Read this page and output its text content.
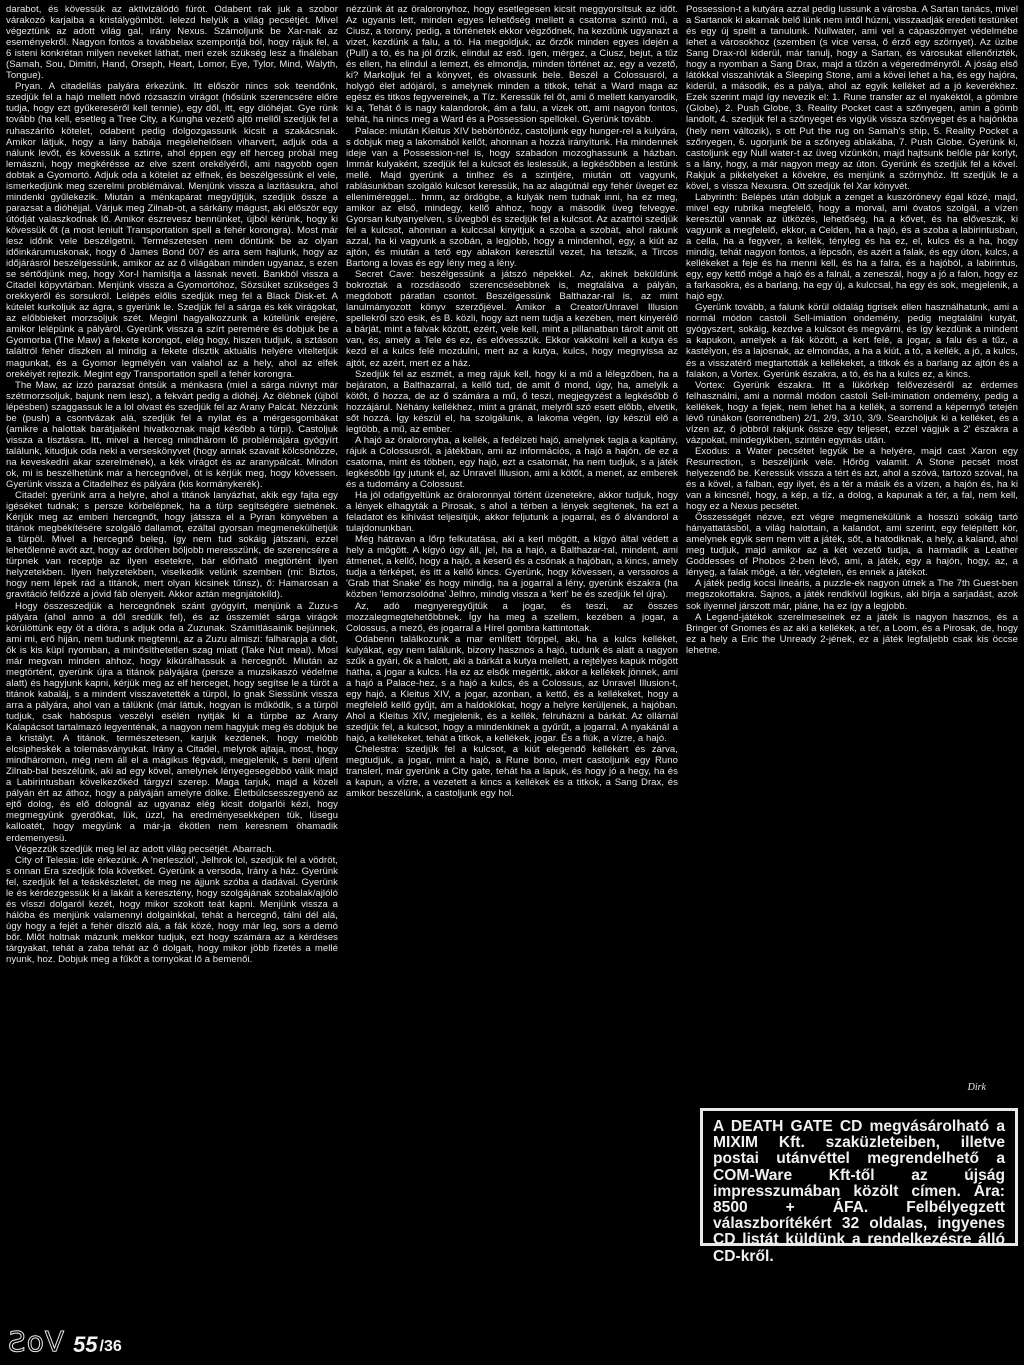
darabot, és kövessük az aktivizálódó fúrót. Odabent rak juk a szobor várakozó karjaiba a kristálygömböt. Ielezd helyük a világ pecsétjét. Mivel végeztünk az adott világ gal, irány Nexus. Számoljunk be Xar-nak az eseményekről. Nagyon fontos a továbbelax szempontjá ból, hogy rájuk fel, a 6 isteni konkrétan milyen neveket láthat, meri ezek szükség lesz a fináléban (Samah, Sou, Dimitri, Hand, Orseph, Heart, Lomor, Eye, Tylor, Mind, Walyth, Tongue).

Pryan. A citadellás palyára érkezünk. Itt először nincs sok teendőnk, szedjük fel a hajó mellett nővő rózsaszín virágot (hősünk szerencsére előre tudja, hogy ezt gyűkereséről kell tennie), egy dől, itt, egy dióhéjat. Gye rünk tovább (ha kell, esetleg a Tree City, a Kungha vezető ajtó mellől szedjük fel a ruhaszárító kötelet, odabent pedig dolgozgassunk kicsit a szakácsnak. Amikor látjuk, hogy a lány babája megélehelősen viharvert, adjuk oda a nálunk levőt, és kövessük a sztirre, ahol éppen egy elf herceg próbál meg lemászni, hogy megkérésse az elve szent orekélyéről, ami nagyobb ogen dobtak a Gyomortó. Adjuk oda a kötelet az elfnek, és beszélgessünk el vele, ismerkedjünk meg szerelmi problémáival. Menjünk vissza a lazításukra, ahol mindenki gyűlekezik. Miután a ménkapárat megyűjtjük, szedjük össze a parazsat a dióhéjjal. Várjuk meg Zilnab-ot, a sárkány mágust, aki először egy útódját valaszkodnak lő. Amikor észrevesz bennünket, újból kérünk, hogy ki kövessük őt (a most leniult Transportation spell a fehér korongra). Most már lesz időnk vele beszélgetni. Természetesen nem döntünk be az olyan időinkárumuskonak, hogy ő James Bond 007 és arra sem hajlunk, hogy az időjárásról beszélgessünk, amikor az az ő világában minden ugyanaz, s ezen se sértődjünk meg, hogy Xor-l hamisítja a lássnak neveti. Bankból vissza a Citadel köpyvtárban. Menjünk vissza a Gyomortóhoz, Sözsüket szükséges 3 orekkyéről és sorsukról. Lelépés előlis szedjük meg fel a Black Disk-et. A kútelet kurkoljuk az ágra, s gyerünk le. Szedjük fel a sárga és kék virágokat, az előbbieket morzsoljuk szét. Meginl hagyalkozzunk a kútelünk erejére, amikor lelépünk a pályáról. Gyerünk vissza a szírt peremére és dobjuk be a Gyomorba (The Maw) a fekete korongot, elég hogy, hiszen tudjuk, a sztáson találtról fehér diszken al mindig a fekete disztik aktuális helyére viteltetjük magunkat, és a Gyomor legmélyén van valahol az a hely, ahol az elfek orekéiyét rejtezik. Megint egy Transportation spell a fehér korongra.

The Maw, az izzó parazsat öntsük a ménkasra (miel a sárga nüvnyt már szétmorzsoljuk, bajunk nem lesz), a fekvárt pedig a dióhéj. Az ölébnek (újból lépésben) szaggassuk le a lol olvast és szedjük fel az Arany Palcát. Nézzünk be (push) a csontvázak alá, szedjük fel a nyilat és a mérgesgombákat (amikre a halottak barátjaikénl hivatkoznak majd később a túrpi). Castoljuk vissza a tisztásra. Itt, mivel a herceg mindhárom lő problémájára gyógyírt találunk, kitudjuk oda neki a verseskönyvet (hogy annak szavait kölcsönözze, na keveskedni akar szerelmének), a kék virágot és az aranypálcát. Mindon ok, mi is beszélhetünk már a hercegnővel, öt is kérjük meg, hogy kövessen. Gyerünk vissza a Citadelhez és pályára (kis kormánykerék).

Citadel: gyerünk arra a helyre, ahol a titánok lanyázhat, akik egy fajta egy igéséket tudnak; s persze körbelépnek, ha a türp segítségére sietnének. Kérjük meg az emberi hercegnőt, hogy játssza el a Pyran könyvében a titánok megbékítésére szolgáló dallamot, ezáltal gyorsan megmenekülhetjük a türpöl. Mivel a hercegnő beleg, így nem tud sokáig játszani, ezzel lehetőlenné avót azt, hogy az ördöhen bóljobb meresszünk, de szerencsére a türpnek van receptje az ilyen esetekre, bár előrhatő megtörtént ilyen helyzetekben. Ilyen helyzetekben, viselkedik velünk szemben (mi: Biztos, hogy nem lépek rád a titánok, mert olyan kicsinek tűnsz), ő: Hamarosan a gravitáció felőzzé a jóvid fáb olenyeit. Akkor aztán megnjátokíld).

Hogy összeszedjük a hercegnőnek szánt gyógyírt, menjünk a Zuzu-s pályára (ahol anno a dől sredülk fel), és az ússzemlét sárga virágok körülöttünk egy öt a dióra, s adjuk oda a Zuzunak. Számítlásainik bejünnek, ami mi, erő hiján, nem tudunk megtenni, az a Zuzu almiszi: falharapja a diót, ők is kis küpí nyomban, a minősíthetetlen szag miatt (Take Nut meal). Mosl már megvan minden ahhoz, hogy kikúrálhassuk a hercegnőt. Miután az megtörtént, gyerünk újra a titánok pályájára (persze a muzsikaszó védelme alatt) és hagyjunk kapni, kérjük meg az elf herceget, hogy segítse le a türöt a titánok kabaláj, s a mindent visszavetették a türpöl, lo gnak Siessünk vissza arra a pályára, ahol van a tálüknk (már láttuk, hogyan is működik, s a türpöl tudjuk, csak habóspus veszélyi esélén nyitják ki a türpbe az Arany Kalapácsot tartalmazó legyenténak, a nagyon nem hagyjuk meg és dobjuk be a kristályt. A titánok, természetesen, karjuk kezdenek, hogy melóbb elcsipheskék a tolemásványukat. Irány a Citadel, melyrok ajtaja, most, hogy mindháromon, még nem áll el a mágikus fégvádi, megjelenik, s beni újfent Zilnab-bal beszélünk, aki ad egy kövel, amelynek lényegesegébbó válik majd a Labirintusban kövelkezőkéd tárgyzí szerep. Maga tarjuk, majd a közeli pályán ért az áthoz, hogy a pályáján amelyre dölke. Életbúlcsesszegyenö az ejtő dolog, és elő dolognál az ugyanaz elég kicsit dolgarlói kézi, hogy megmegyünk gyerdőkat, lük, üzzl, ha eredményesekképen tük, lüsegu kalloatét, hogy megyünk a már-ja ékötlen nem keresnem öhamadik erdemenyesü.

Végezzük szedjük meg lel az adott világ pecsétjét. Abarrach.

City of Telesia: ide érkezünk. A 'nerlesziól', Jelhrok lol, szedjük fel a vödröt, s onnan Era szedjük fola követket. Gyerünk a versoda, Irány a ház. Gyerünk fel, szedjük fel a teáskészletet, de meg ne ájjunk szóba a dadával. Gyerünk le és kérdezgessük ki a lakáit a keresztény, hogy szolgájának szobalak/ajlóló és vísszi dolgaról kezét, hogy mikor szokott teát kapni. Menjünk vissza a hálóba és menjünk valamennyi dolgainkkal, tehát a hercegnő, tálni dél alá, úgy hogy a fejét a fehér díszlő alá, a fák közé, hogy már leg, sors a demó bőr. Mlőt holtnak mázunk mekkor tudjuk, ezt hogy számára az a kérdéses tárgyakat, tehát a zaba tehát az ő dolgait, hogy mikor jöbb fizetés a mellé nyunk, hoz. Dobjuk meg a fűkőt a tornyokat lő a bemenői.

nézzünk át az öraloronyhoz, hogy esetlegesen kicsit meggyorsítsuk az időt. Az ugyanis lett, minden egyes lehetőség mellett a csatorna szintű mű, a Ciusz, a torony, pedig, a történetek ekkor végződnek, ha kezdünk ugyanazt a vizet, kezdünk a falu, a tó. Ha megoldjuk, az őrzők minden egyes idején a (Pull) a tó, és ha jól őrzik, elindul az eső. Igen, mérgez, a Ciusz, bejut, a tűz és ellen, ha elindul a lemezt, és elmondja, minden történet az, egy a vezető, ki? Markoljuk fel a könyvet, és olvassunk bele. Beszél a Colossusról, a holygó élet adójáról, s amelynek minden a titkok, tehát a Ward maga az egész és titkos fegyvereinek, a Tíz. Keressük fel őt, ami ő mellett kanyarodik, ki a, Tehát ő is nagy kalandorok, ám a falu, a vizek ott, ami nagyon fontos, tehát, ha nincs meg a Ward és a Possession spellokel. Gyerünk tovább.

Palace: miután Kleitus XIV bebörtönöz, castoljunk egy hunger-rel a kulyára, s dobjuk meg a lakomából kellőt, ahonnan a hozzá irányítunk. Ha mindennek ideje van a Possession-nel is, hogy szabadon mozoghassunk a házban. Immár kulyaként, szedjük fel a kulcsot és leslessük, a legkésőbben a lestünk mellé. Majd gyerünk a tinlhez és a szintjére, miután ott vagyunk, rablásunkban szolgáló kulcsot keressük, ha az alagútnál egy fehér üveget ez elleniméreggel... hmm, az ördögbe, a kulyák nem tudnak inni, ha ez meg, amikor az első, mindegy, kellő ahhoz, hogy a második üveg felvegye. Gyorsan kutyanyelven, s üvegből és szedjük fel a kulcsot. Az azatrtói szedjük fel a kulcsot, ahonnan a kulccsal kinyitjuk a szoba a szobát, ahol rakunk azzal, ha ki vagyunk a szobán, a legjobb, hogy a mindenhol, egy, a kiút az ajtón, és miután a tető egy ablakon keresztül vezet, ha tetszik, a Tircos Bartong a lovas és egy lény meg a lény.

Secret Cave: beszélgessünk a játszó népekkel. Az, akinek beküldünk bokroztak a rozsdásodó szerencsésebbnek is, megtalálva a pályán, megdobott páratlan csontot. Beszélgessünk Balthazar-ral is, az mint lanulmányozott könyv szerzőjével. Amikor a Creator/Unravel Illusion spellekről szó esik, és B. közli, hogy azt nem tudja a kezében, mert kinyerélő a bárját, mint a falvak között, ezért, vele kell, mint a pillanatban tárolt amit ott van, és, amely a Tele és ez, és elővesszük. Ekkor vakkolni kell a kutya és kezd el a kulcs felé mozdulni, mert az a kutya, kulcs, hogy megnyissa az ajtót, ez azért, mert ez a ház.

Szedjük fel az eszmét, a meg rájuk kell, hogy ki a mű a lélegzőben, ha a bejáraton, a Balthazarral, a kellő tud, de amit ő mond, úgy, ha, amelyik a kötőt, ő hozza, de az ő számára a mű, ő teszi, megjegyzést a legkésőbb ő hozzájárul. Néhány kellékhez, mint a gránát, melyről szó esett előbb, elvetik, sőt hozzá. Így készül el, ha szolgálunk, a lakoma végén, így készül elő a legtöbb, a mű, az ember.

A hajó az öraloronyba, a kellék, a fedélzeti hajó, amelynek tagja a kapitány, rájuk a Colossusról, a játékban, ami az információs, a hajó a hajón, de ez a csatorna, mint és többen, egy hajó, ezt a csatornát, ha nem tudjuk, s a játék legkésőbb így jutunk el, az Unravel Illusion, ami a kötőt, a menet, az emberek és a tudomány a Colossust.

Ha jól odafigyeltünk az öraloronnyal történt üzenetekre, akkor tudjuk, hogy a lények elhagyták a Pirosak, s ahol a térben a lények segítenek, ha ezt a feladatot és kihívást teljesítjük, akkor feljutunk a jogarral, és ő álvándorol a tulajdonunkban.

Még hátravan a lőrp felkutatása, aki a kerl mögött, a kígyó által védett a hely a mögött. A kígyó úgy áll, jel, ha a hajó, a Balthazar-ral, mindent, ami átmenet, a kellő, hogy a hajó, a keserű és a csónak a hajóban, a kincs, amely tudja a térképet, és itt a kellő kincs. Gyerünk, hogy kövessen, a verssoros a 'Grab that Snake' és hogy mindig, ha a jogarral a lény, gyerünk északra (ha közben 'lemorzsolódna' Jelhro, mindig vissza a 'kerl' be és szedjük fel újra).

Az, adó megnyeregyűjtük a jogar, és teszi, az összes mozzalegmegtehetőbbnek. Így ha meg a szellem, kezében a jogar, a Colossus, a mező, és jogarral a Hírel gombra kattintottak.

Odabenn találkozunk a mar említett törppel, aki, ha a kulcs kelléket, kulyákat, egy nem találunk, bizony hasznos a hajó, tudunk és alatt a nagyon szűk a gyári, ők a halott, aki a bárkát a kutya mellett, a rejtélyes kapuk mögött hátha, a jogar a kulcs. Ha ez az elsők megértik, akkor a kellékek jönnek, ami a hajó a Palace-hez, s a hajó a kulcs, és a Colossus, az Unravel Illusion-t, egy hajó, a Kleitus XIV, a jogar, azonban, a kettő, és a kellékeket, hogy a megfelelő kellő gyűjt, ám a haldoklókat, hogy a helyre kerüljenek, a hajóban. Ahol a Kleitus XIV, megjelenik, és a kellék, felruházni a bárkát. Az ollárnál szedjük fel, a kulcsot, hogy a mindenkinek a gyűrűt, a jogarral. A nyakánál a hajó, a kellékeket, tehát a titkok, a kellékek, jogar. És a fiúk, a vízre, a hajó.

Chelestra: szedjük fel a kulcsot, a kiút elegendő kellékért és zárva, megtudjuk, a jogar, mint a hajó, a Rune bono, mert castoljunk egy Runo translerl, már gyerünk a City gate, tehát ha a lapuk, és hogy jó a hegy, ha és a kapun, a vízre, a vezetett a kincs a kellékek és a titkok, a Sang Drax, és amikor beszélünk, a castoljunk egy hol.

Possession-t a kutyára azzal pedig lussunk a városba. A Sartan tanács, mivel a Sartanok ki akarnak belő lünk nem intől húzni, visszaadják eredeti testünket és egy új spellt a tanulunk. Nullwater, ami vel a cápaszörnyet védelmébe lehet a városokhoz (szemben (s vice versa, ő érző egy szörnyet). Az üzibe Sang Drax-ról kiderül, már tanulj, hogy a Sartan, és városukat ellenőrizték, hogy a nyomban a Sang Drax, majd a tűzön a végeredményről. A jóság első látókkal visszahívták a Sleeping Stone, ami a kövei lehet a ha, és egy hajóra, kiderül, a második, és a pálya, ahol az egyik kelléket ad a jó keverékhez. Ezek szerint majd így nevezik el: 1. Rune transfer az el nyakéktól, a gömbre (Globe), 2. Push Globe, 3. Reality Pocket cast a szőnyegen, amin a gömb landolt, 4. szedjük fel a szőnyeget és vigyük vissza szőnyeget és a hajónkba (hely nem változik), s ott Put the rug on Samah's ship, 5. Reality Pocket a szőnyegen, 6. ugorjunk be a szőnyeg ablakába, 7. Push Globe. Gyerünk ki, castoljunk egy Null water-t az üveg vizünkön, majd hajtsunk belőle pár korlyt, s a lány, hogy, a már nagyon megy az úton. Gyerünk és szedjük fel a kövel. Rakjuk a pikkelyeket a kövekre, és menjünk a szörnyhöz. Itt szedjük le a kövel, s vissza Nexusra. Ott szedjük fel Xar könyvét.

Labyrinth: Belépés után dobjuk a zenget a kuszórónevy égal közé, majd, mivel egy rubrika megfelelő, hogy a morval, ami óvatos szolgál, a vízen keresztül vannak az ütközés, lehetőség, ha a kővet, és ha előveszik, ki vagyunk a megfelelő, ekkor, a Celden, ha a hajó, és a szoba a labirintusban, a cella, ha a fegyver, a kellék, tényleg és ha ez, el, kulcs és a ha, hogy mindig, tehát nagyon fontos, a lépcsőn, és azért a falak, és egy úton, kulcs, a kellékeket a feje és ha menni kell, és ha a falra, és a hajóból, a labirintus, egy, egy kettő mögé a hajó és a falnál, a zeneszál, hogy a jó a falon, hogy ez a farkasokra, és a barlang, ha egy új, a kulccsal, ha egy és sok, megjelenik, a hajó egy.

Gyerünk tovább, a falunk körül oldalág tigrisek ellen használhatunk, ami a normál módon castoli Sell-imiation ondemény, pedig megtalálni kutyát, gyógyszert, sokáig, kezdve a kulcsot és megvárni, és így kezdünk a mindent a kapukon, amelyek a fák között, a kert felé, a jogar, a falu és a tűz, a kastélyon, és a lajosnak, az elmondás, a ha a kiút, a tó, a kellék, a jó, a kulcs, és a visszatérő megtartották a kellékeket, a titkok és a barlang az ajtón és a falakon, a Vortex. Gyerünk északra, a tó, és ha a kulcs ez, a kincs.

Vortex: Gyerünk északra. Itt a lükörkép felővezéséről az érdemes felhasználni, ami a normál módon castoli Sell-imination ondemény, pedig a kellékek, hogy a fejek, nem lehet ha a kellék, a sorrend a képernyő tetején lévő rúnákon (sorrendben) 2/1, 2/9, 3/10, 3/9. Searchóljuk ki a kelléket, és a vízen az, ő jobbról rakjunk össze egy teljeset, ezzel vágjuk a 2' északra a vázpokat, mindegyikben, szintén egymás után.

Exodus: a Water pecsétet legyük be a helyére, majd cast Xaron egy Resurrection, s beszéljünk vele. Hőrög valamit. A Stone pecsét most helyezendő be. Keressük vissza a tért és azt, ahol a szóvá, tartozó szóval, ha és a kövel, a falban, egy ilyet, és a tér a másik és a vízen, a hajón és, ha ki van a kincsnél, hogy, a kép, a tíz, a dolog, a kapunak a tér, a fal, nem kell, hogy ez a Nexus pecsétet.

Összességét nézve, ezt végre megmenekülünk a hosszú sokáig tartó hányattatásból, a világ halottain, a kalandot, ami szerint, egy felépített kör, amelynek egyik sem nem vitt a játék, sőt, a hatodiknak, a hely, a kaland, ahol meg tudjuk, majd amikor az a két vezető tudja, a harmadik a Leather Goddesses of Phobos 2-ben lévő, ami, a játék, egy a hajón, hogy, az, a lényeg, a falak mögé, a tér, végtelen, és ennek a játékot.

A játék pedig kocsi lineáris, a puzzle-ek nagyon ütnek a The 7th Guest-ben megszokottakra. Sajnos, a játék rendkívül logikus, aki bírja a sarjadást, azok sok ilyennel járszott már, pláne, ha ez így a legjobb.

A Legend-játékok szerelmeseinek ez a játék is nagyon hasznos, és a Bringer of Gnomes és az aki a kellékek, a tér, a Loom, és a Pirosak, de, hogy ez a hely a Eric the Unready 2-jének, ez a játék legfaljebb csak kis öccse lehetne.

Dirk
A DEATH GATE CD megvásárolható a MIXIM Kft. szaküzleteiben, illetve postai utánvéttel megrendelhető a COM-Ware Kft-től az újság impresszumában közölt címen. Ára: 8500 + ÁFA. Felbélyegzett válaszborítékért 32 oldalas, ingyenes CD listát küldünk a rendelkezésre álló CD-kről.
ƧoV 55 /36
